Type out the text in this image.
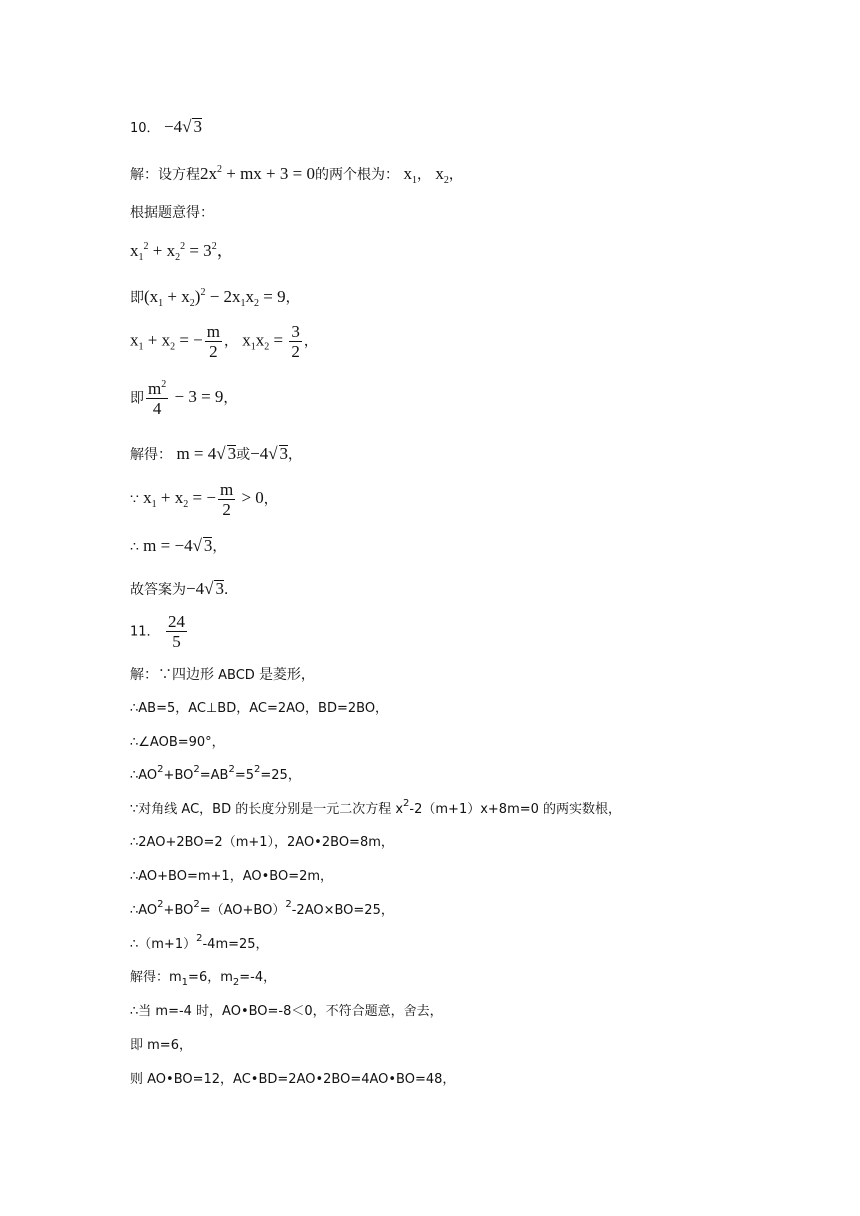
10． −4√ 3
解：设方程$2x^2$ + mx + 3 = 0的两个根为： $x_1$， $x_2$，
根据题意得：
$x_1^2 + x_2^2 = 3^2$，
即$(x_1 + x_2)^2 - 2x_1x_2 = 9$，
$x_1 + x_2$ = − $\frac{m}{2}$ ， $x_1x_2 = \frac{3}{2}$ ，
即 $\frac{m^2}{4} - 3 = 9$，
解得： m = 4√ 3或−4√ 3，
∵ $x_1 + x_2$ = − $\frac{m}{2} > 0$，
∴ m = −4√ 3，
故答案为−4√ 3．
11． $\frac{24}{5}$
解：∵四边形 ABCD 是菱形，
∴AB=5，AC⊥BD，AC=2AO，BD=2BO，
∴∠AOB=90°，
$\therefore AO^2+BO^2=AB^2=5^2=25$，
∵对角线 AC，BD 的长度分别是一元二次方程 $x^2-2(m+1)x+8m=0$ 的两实数根，
∴2AO+2BO=2（m+1），2AO•2BO=8m，
∴AO+BO=m+1，AO•BO=2m，
$\therefore AO^2+BO^2=(AO+BO)^2-2AO\times BO=25$，
$\therefore(m+1)^2-4m=25$，
解得：$m_1=6$，$m_2=-4$，
∴当 m=-4 时，AO•BO=-8＜0，不符合题意，舍去，
即 m=6，
则 AO•BO=12，AC•BD=2AO•2BO=4AO•BO=48，
